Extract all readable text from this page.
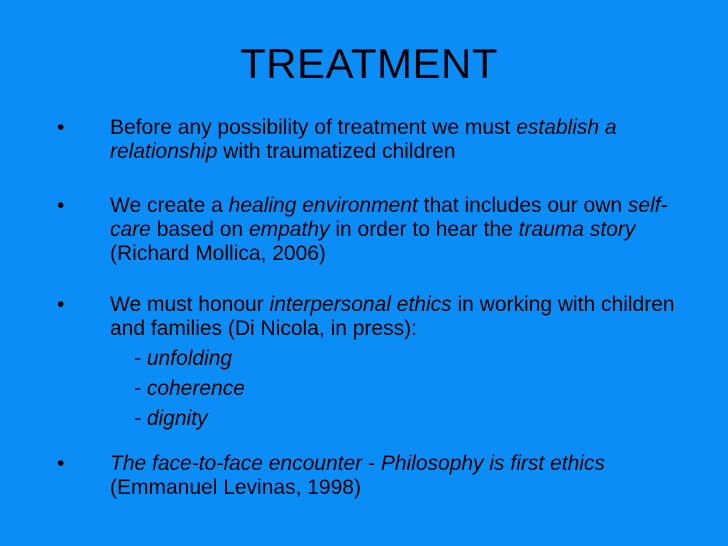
TREATMENT
•	Before any possibility of treatment we must establish a relationship with traumatized children
•	We create a healing environment that includes our own self-care based on empathy in order to hear the trauma story (Richard Mollica, 2006)
•	We must honour interpersonal ethics in working with children and families (Di Nicola, in press):
- unfolding
- coherence
- dignity
•	The face-to-face encounter - Philosophy is first ethics (Emmanuel Levinas, 1998)
